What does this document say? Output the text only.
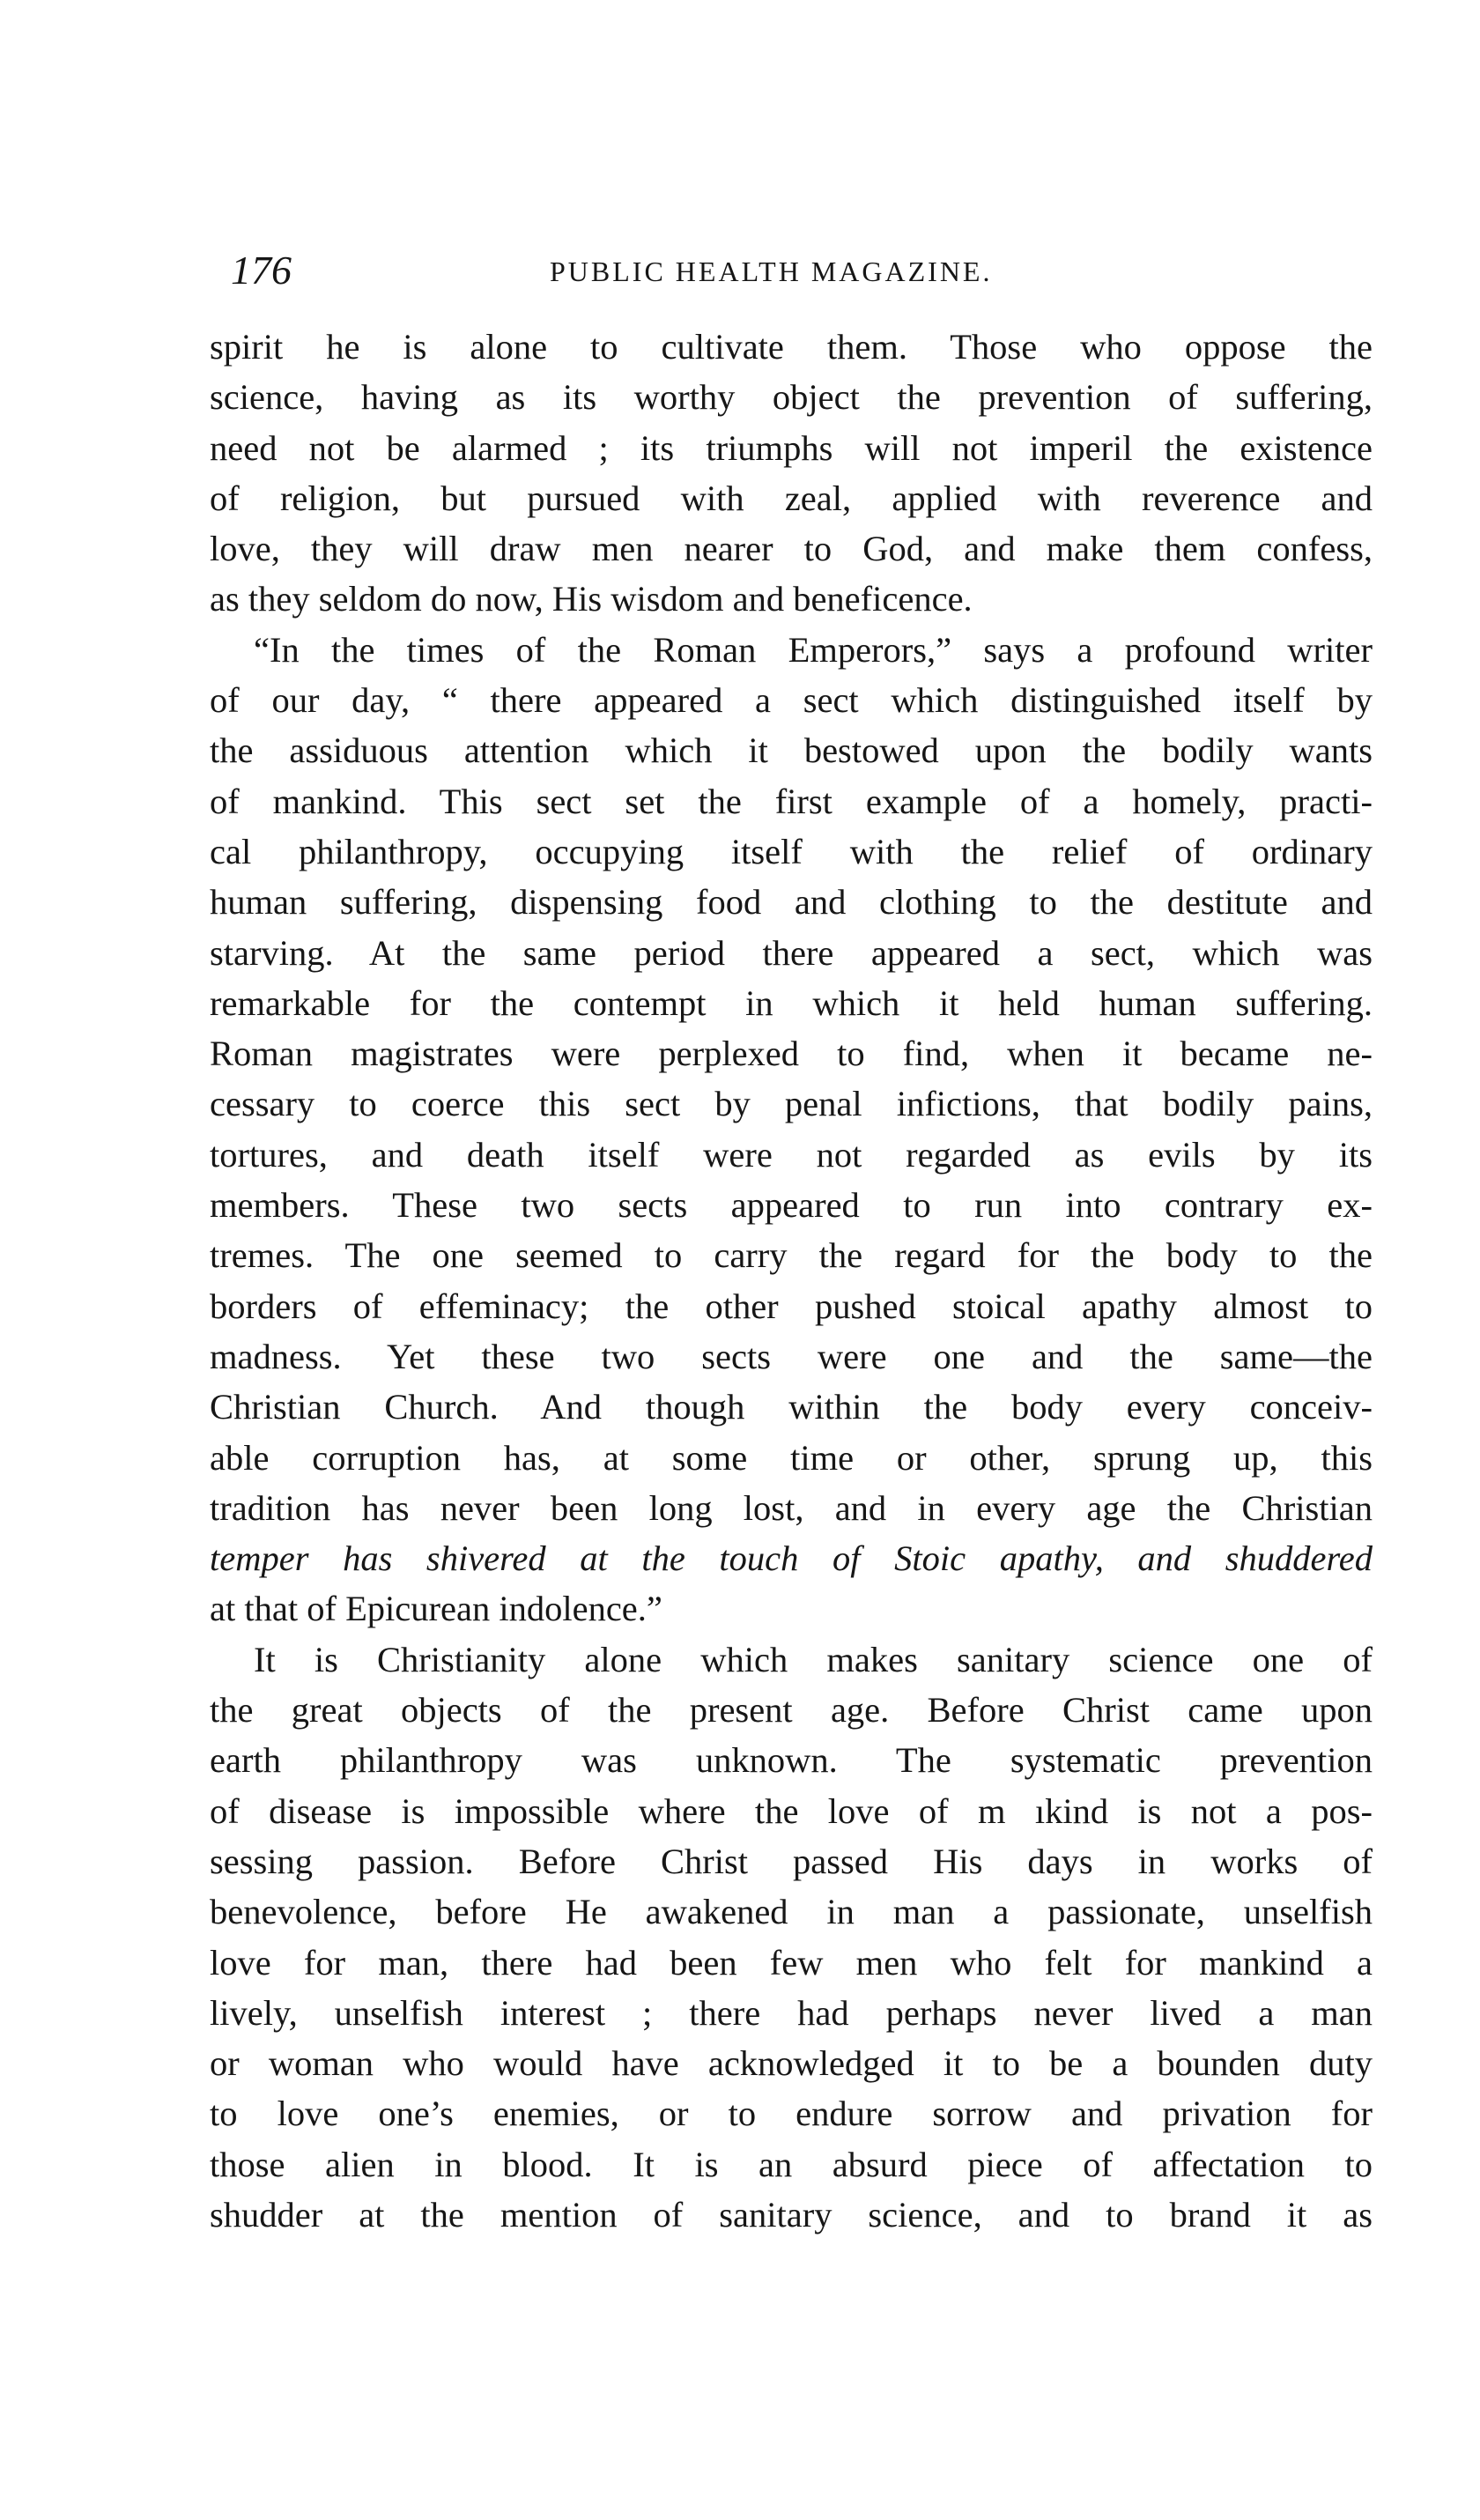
176	PUBLIC HEALTH MAGAZINE.
spirit he is alone to cultivate them. Those who oppose the
science, having as its worthy object the prevention of suffering,
need not be alarmed ; its triumphs will not imperil the existence
of religion, but pursued with zeal, applied with reverence and
love, they will draw men nearer to God, and make them confess,
as they seldom do now, His wisdom and beneficence.
“In the times of the Roman Emperors,” says a profound writer
of our day, “ there appeared a sect which distinguished itself by
the assiduous attention which it bestowed upon the bodily wants
of mankind. This sect set the first example of a homely, practi-
cal philanthropy, occupying itself with the relief of ordinary
human suffering, dispensing food and clothing to the destitute and
starving. At the same period there appeared a sect, which was
remarkable for the contempt in which it held human suffering.
Roman magistrates were perplexed to find, when it became ne-
cessary to coerce this sect by penal infictions, that bodily pains,
tortures, and death itself were not regarded as evils by its
members. These two sects appeared to run into contrary ex-
tremes. The one seemed to carry the regard for the body to the
borders of effeminacy; the other pushed stoical apathy almost to
madness. Yet these two sects were one and the same—the
Christian Church. And though within the body every conceiv-
able corruption has, at some time or other, sprung up, this
tradition has never been long lost, and in every age the Christian
temper has shivered at the touch of Stoic apathy, and shuddered
at that of Epicurean indolence.”
It is Christianity alone which makes sanitary science one of
the great objects of the present age. Before Christ came upon
earth philanthropy was unknown. The systematic prevention
of disease is impossible where the love of m ıkind is not a pos-
sessing passion. Before Christ passed His days in works of
benevolence, before He awakened in man a passionate, unselfish
love for man, there had been few men who felt for mankind a
lively, unselfish interest ; there had perhaps never lived a man
or woman who would have acknowledged it to be a bounden duty
to love one’s enemies, or to endure sorrow and privation for
those alien in blood. It is an absurd piece of affectation to
shudder at the mention of sanitary science, and to brand it as
